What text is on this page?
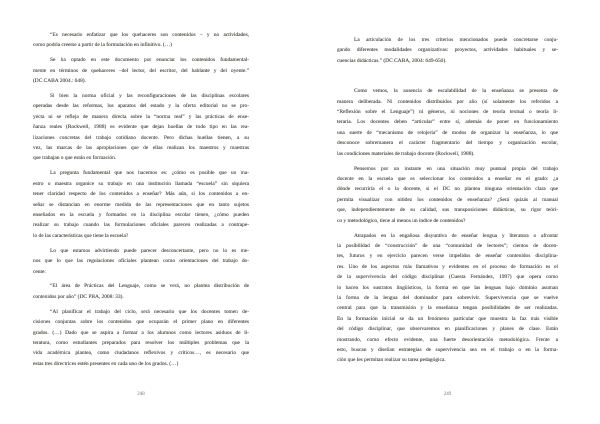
“Es necesario enfatizar que los quehaceres son contenidos – y no actividades,
como podría creerse a partir de la formulación en infinitivo. (…)

Se ha optado en este documento por enunciar los contenidos fundamental-
mente en términos de quehaceres –del lector, del escritor, del hablante y del oyente.”
(DC CABA 2004.: 648).

Si bien la norma oficial y las reconfiguraciones de las disciplinas escolares
operadas desde las reformas, los aparatos del estado y la oferta editorial no se pro-
yecta ni se refleja de manera directa sobre la “norma real” y las prácticas de ense-
ñanza reales (Rockwell, 1988) es evidente que dejan huellas de todo tipo en las rea-
lizaciones concretas del trabajo cotidiano docente. Pero dichas huellas tienen, a su
vez, las marcas de las apropiaciones que de ellas realizan los maestros y maestras
que trabajan o que están en formación.

La pregunta fundamental que nos hacemos es: ¿cómo es posible que un ma-
estro o maestra organice su trabajo en una institución llamada “escuela” sin siquiera
tener claridad respecto de los contenidos a enseñar? Más aún, si los contenidos a en-
señar se distancian en enorme medida de las representaciones que en tanto sujetos
enseñados en la escuela y formados en la disciplina escolar tienen, ¿cómo pueden
realizar su trabajo cuando las formulaciones oficiales parecen realizadas a contrape-
lo de las características que tiene la escuela?

Lo que estamos advirtiendo puede parecer desconcertante, pero no lo es me-
nos que lo que las regulaciones oficiales plantean como orientaciones del trabajo do-
cente:

“El área de Prácticas del Lenguaje, como se verá, no plantea distribución de
contenidos por año” (DC PBA, 2008: 33).

“Al planificar el trabajo del ciclo, será necesario que los docentes tomen de-
cisiones conjuntas sobre los contenidos que ocuparán el primer plano en diferentes
grados. (…) Dado que se aspira a formar a los alumnos como lectores asiduos de li-
teratura, como estudiantes preparados para resolver los múltiples problemas que la
vida académica plantea, como ciudadanos reflexivos y críticos…, es necesario que
estas tres directrices estén presentes en cada uno de los grados. (…)

248

La articulación de los tres criterios mencionados puede concretarse conju-
gando diferentes modalidades organizativas: proyectos, actividades habituales y se-
cuencias didácticas.” (DC CABA, 2004: 649-650).

Como vemos, la ausencia de escalabilidad de la enseñanza se presenta de
manera deliberada. Ni contenidos distribuidos por año (sí solamente los referidos a
“Reflexión sobre el Lenguaje”) ni géneros, ni nociones de teoría textual o teoría li-
teraria. Los docentes deben “articular” entre sí, además de poner en funcionamiento
una suerte de “mecanismo de relojería” de modos de organizar la enseñanza, lo que
desconoce sobremanera el carácter fragmentario del tiempo y organización escolar,
las condiciones materiales de trabajo docente (Rockwell, 1988).

Pensemos por un instante en una situación muy puntual propia del trabajo
docente en la escuela que es seleccionar los contenidos a enseñar en el grado: ¿a
dónde recurriría el o la docente, si el DC no plantea ninguna orientación clara que
permita visualizar con nitidez los contenidos de enseñanza? ¿Será quizás al manual
que, independientemente de su calidad, sus transposiciones didácticas, su rigor teóri-
co y metodológico, tiene al menos un índice de contenidos?

Atrapados en la engañosa disyuntiva de enseñar lengua y literatura o afrontar
la posibilidad de “construcción” de una “comunidad de lectores”; cientos de docen-
tes, futuros y en ejercicio parecen verse impelidos de enseñar contenidos disciplina-
res. Uno de los aspectos más llamativos y evidentes en el proceso de formación es el
de la supervivencia del código disciplinar (Cuesta Fernández, 1997) que opera como
lo hacen los sustratos lingüísticos, la forma en que las lenguas bajo dominio asuman
la forma de la lengua del dominador para sobrevivir. Supervivencia que se vuelve
central para que la transmisión y la enseñanza tengan posibilidades de ser realizadas.
En la formación inicial se da un fenómeno particular que muestra la faz más visible
del código disciplinar, que observaremos en planificaciones y planes de clase. Están
mostrando, como efecto evidente, una fuerte desorientación metodológica. Frente a
esto, buscan y diseñan estrategias de supervivencia sea en el trabajo o en la forma-
ción que les permitan realizar su tarea pedagógica.

249
